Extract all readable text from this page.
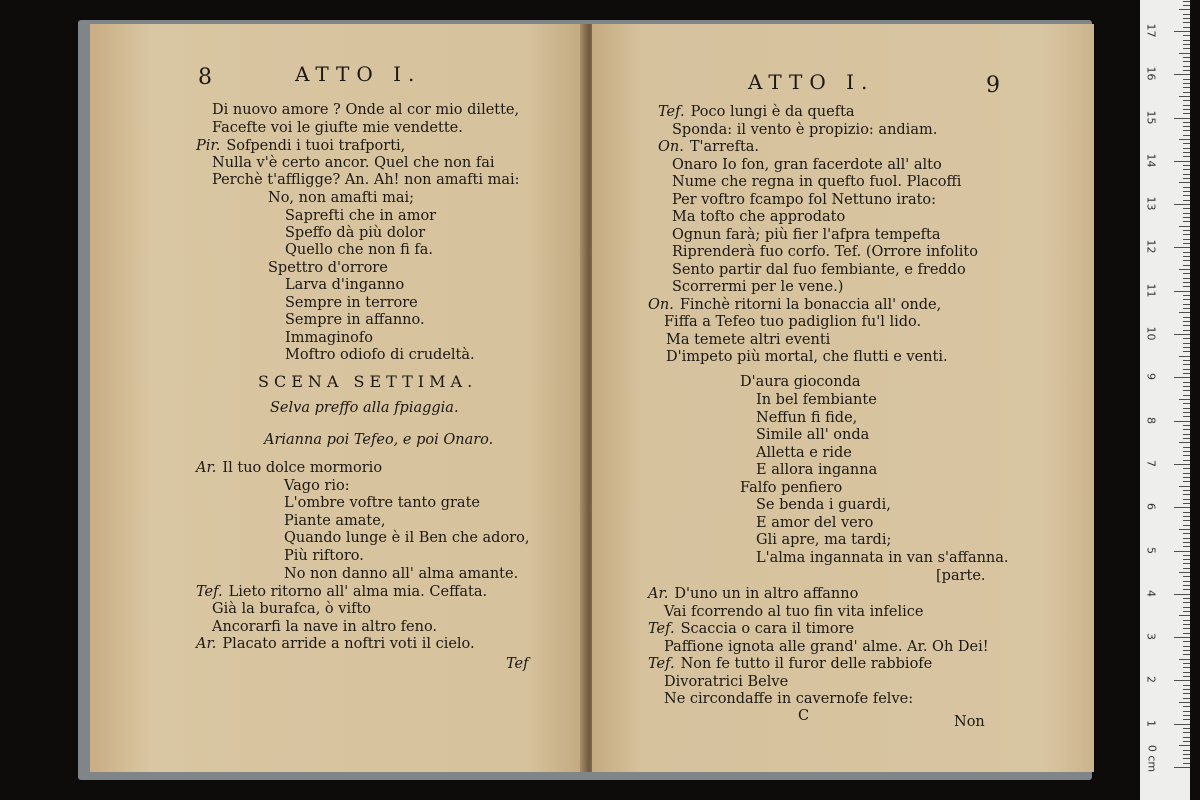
8	ATTO I.
Di nuovo amore ? Onde al cor mio dilette,
Facefte voi le giufte mie vendette.
Pir. Sofpendi i tuoi trafporti,
Nulla v'è certo ancor. Quel che non fai
Perchè t'affligge? An. Ah! non amafti mai:
No, non amafti mai;
Saprefti che in amor
Speffo dà più dolor
Quello che non fi fa.
Spettro d'orrore
Larva d'inganno
Sempre in terrore
Sempre in affanno.
Immaginofo
Moftro odiofo di crudeltà.
SCENA SETTIMA.
Selva preffo alla fpiaggia.
Arianna poi Tefeo, e poi Onaro.
Ar. Il tuo dolce mormorio
Vago rio:
L'ombre voftre tanto grate
Piante amate,
Quando lunge è il Ben che adoro,
Più riftoro.
No non danno all' alma amante.
Tef. Lieto ritorno all' alma mia. Ceffata.
Già la burafca, ò vifto
Ancorarfi la nave in altro feno.
Ar. Placato arride a noftri voti il cielo.
Tef
ATTO I.	9
Tef. Poco lungi è da quefta
Sponda: il vento è propizio: andiam.
On. T'arrefta.
Onaro Io fon, gran facerdote all' alto
Nume che regna in quefto fuol. Placoffi
Per voftro fcampo fol Nettuno irato:
Ma tofto che approdato
Ognun farà; più fier l'afpra tempefta
Riprenderà fuo corfo. Tef. (Orrore infolito
Sento partir dal fuo fembiante, e freddo
Scorrermi per le vene.)
On. Finchè ritorni la bonaccia all' onde,
Fiffa a Tefeo tuo padiglion fu'l lido.
Ma temete altri eventi
D'impeto più mortal, che flutti e venti.
D'aura gioconda
In bel fembiante
Neffun fi fide,
Simile all' onda
Alletta e ride
E allora inganna
Falfo penfiero
Se benda i guardi,
E amor del vero
Gli apre, ma tardi;
L'alma ingannata in van s'affanna.
[parte.
Ar. D'uno un in altro affanno
Vai fcorrendo al tuo fin vita infelice
Tef. Scaccia o cara il timore
Paffione ignota alle grand' alme. Ar. Oh Dei!
Tef. Non fe tutto il furor delle rabbiofe
Divoratrici Belve
Ne circondaffe in cavernofe felve:
C	Non
0 cm
1
2
3
4
5
6
7
8
9
10
11
12
13
14
15
16
17
